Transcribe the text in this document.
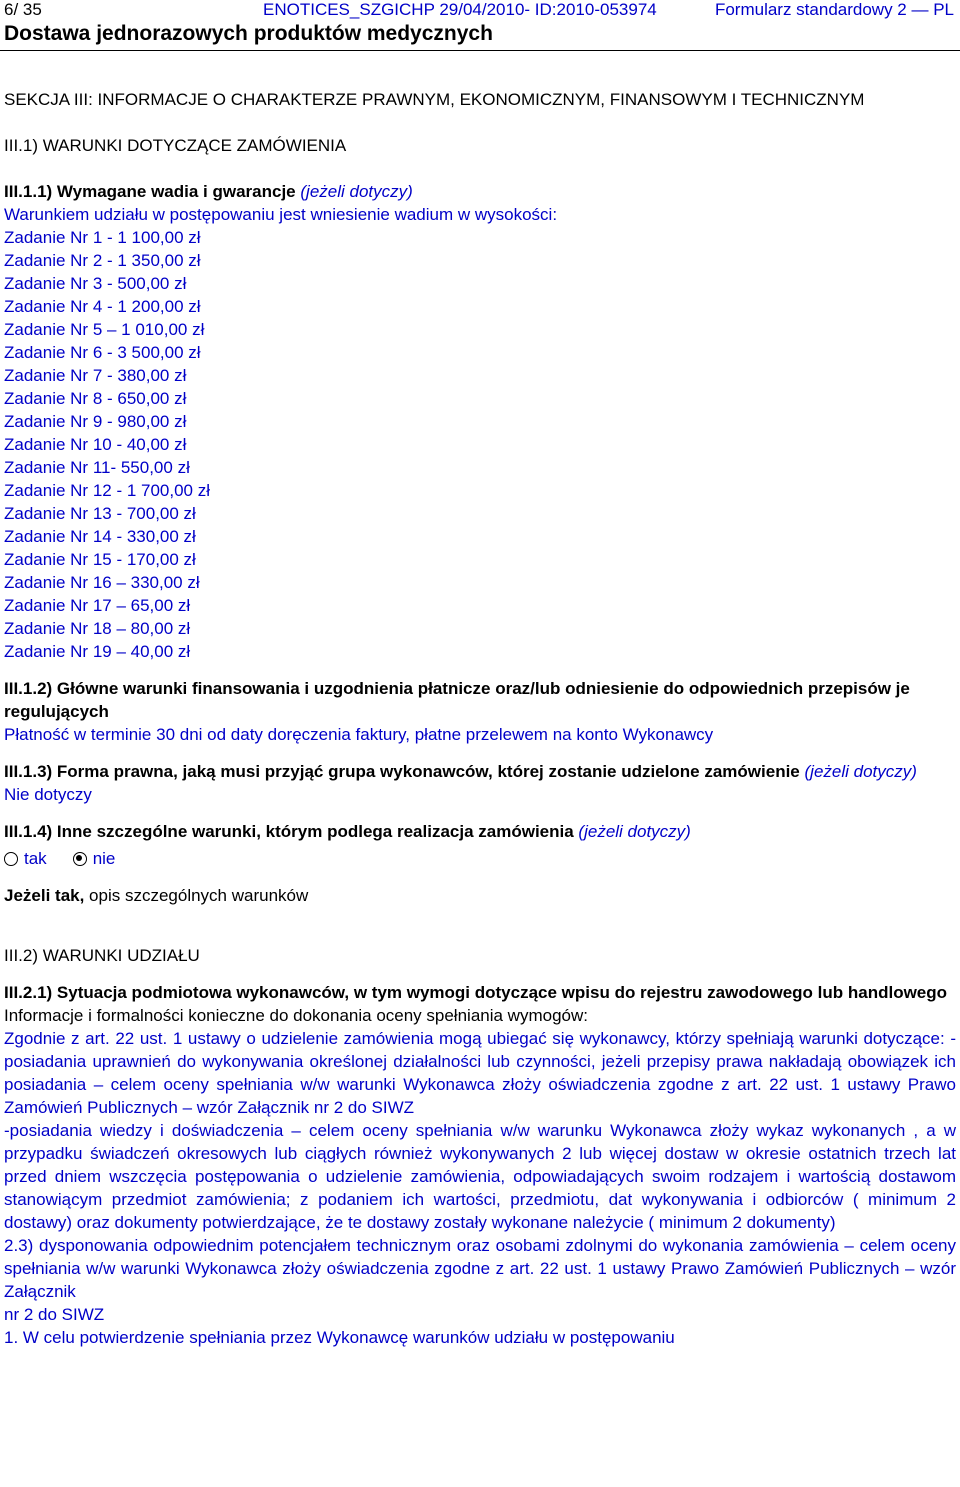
6/ 35	ENOTICES_SZGICHP 29/04/2010- ID:2010-053974	Formularz standardowy 2 — PL
Dostawa jednorazowych produktów medycznych
SEKCJA III: INFORMACJE O CHARAKTERZE PRAWNYM, EKONOMICZNYM, FINANSOWYM I TECHNICZNYM
III.1) WARUNKI DOTYCZĄCE ZAMÓWIENIA
III.1.1) Wymagane wadia i gwarancje (jeżeli dotyczy)
Warunkiem udziału w postępowaniu jest wniesienie wadium w wysokości:
Zadanie Nr 1 - 1 100,00 zł
Zadanie Nr 2 - 1 350,00 zł
Zadanie Nr 3 - 500,00 zł
Zadanie Nr 4 - 1 200,00 zł
Zadanie Nr 5 – 1 010,00 zł
Zadanie Nr 6 - 3 500,00 zł
Zadanie Nr 7 - 380,00 zł
Zadanie Nr 8 - 650,00 zł
Zadanie Nr 9 - 980,00 zł
Zadanie Nr 10 - 40,00 zł
Zadanie Nr 11- 550,00 zł
Zadanie Nr 12 - 1 700,00 zł
Zadanie Nr 13 - 700,00 zł
Zadanie Nr 14 - 330,00 zł
Zadanie Nr 15 - 170,00 zł
Zadanie Nr 16 – 330,00 zł
Zadanie Nr 17 – 65,00 zł
Zadanie Nr 18 – 80,00 zł
Zadanie Nr 19 – 40,00 zł
III.1.2) Główne warunki finansowania i uzgodnienia płatnicze oraz/lub odniesienie do odpowiednich przepisów je regulujących
Płatność w terminie 30 dni od daty doręczenia faktury, płatne przelewem na konto Wykonawcy
III.1.3) Forma prawna, jaką musi przyjąć grupa wykonawców, której zostanie udzielone zamówienie (jeżeli dotyczy)
Nie dotyczy
III.1.4) Inne szczególne warunki, którym podlega realizacja zamówienia (jeżeli dotyczy)
tak	nie
Jeżeli tak, opis szczególnych warunków
III.2) WARUNKI UDZIAŁU
III.2.1) Sytuacja podmiotowa wykonawców, w tym wymogi dotyczące wpisu do rejestru zawodowego lub handlowego
Informacje i formalności konieczne do dokonania oceny spełniania wymogów:
Zgodnie z art. 22 ust. 1 ustawy o udzielenie zamówienia mogą ubiegać się wykonawcy, którzy spełniają warunki dotyczące: -posiadania uprawnień do wykonywania określonej działalności lub czynności, jeżeli przepisy prawa nakładają obowiązek ich posiadania – celem oceny spełniania w/w warunki Wykonawca złoży oświadczenia zgodne z art. 22 ust. 1 ustawy Prawo Zamówień Publicznych – wzór Załącznik nr 2 do SIWZ
-posiadania wiedzy i doświadczenia – celem oceny spełniania w/w warunku Wykonawca złoży wykaz wykonanych , a w przypadku świadczeń okresowych lub ciągłych również wykonywanych 2 lub więcej dostaw w okresie ostatnich trzech lat przed dniem wszczęcia postępowania o udzielenie zamówienia, odpowiadających swoim rodzajem i wartością dostawom stanowiącym przedmiot zamówienia; z podaniem ich wartości, przedmiotu, dat wykonywania i odbiorców ( minimum 2 dostawy) oraz dokumenty potwierdzające, że te dostawy zostały wykonane należycie ( minimum 2 dokumenty)
2.3) dysponowania odpowiednim potencjałem technicznym oraz osobami zdolnymi do wykonania zamówienia – celem oceny spełniania w/w warunki Wykonawca złoży oświadczenia zgodne z art. 22 ust. 1 ustawy Prawo Zamówień Publicznych – wzór Załącznik
nr 2 do SIWZ
1. W celu potwierdzenie spełniania przez Wykonawcę warunków udziału w postępowaniu
